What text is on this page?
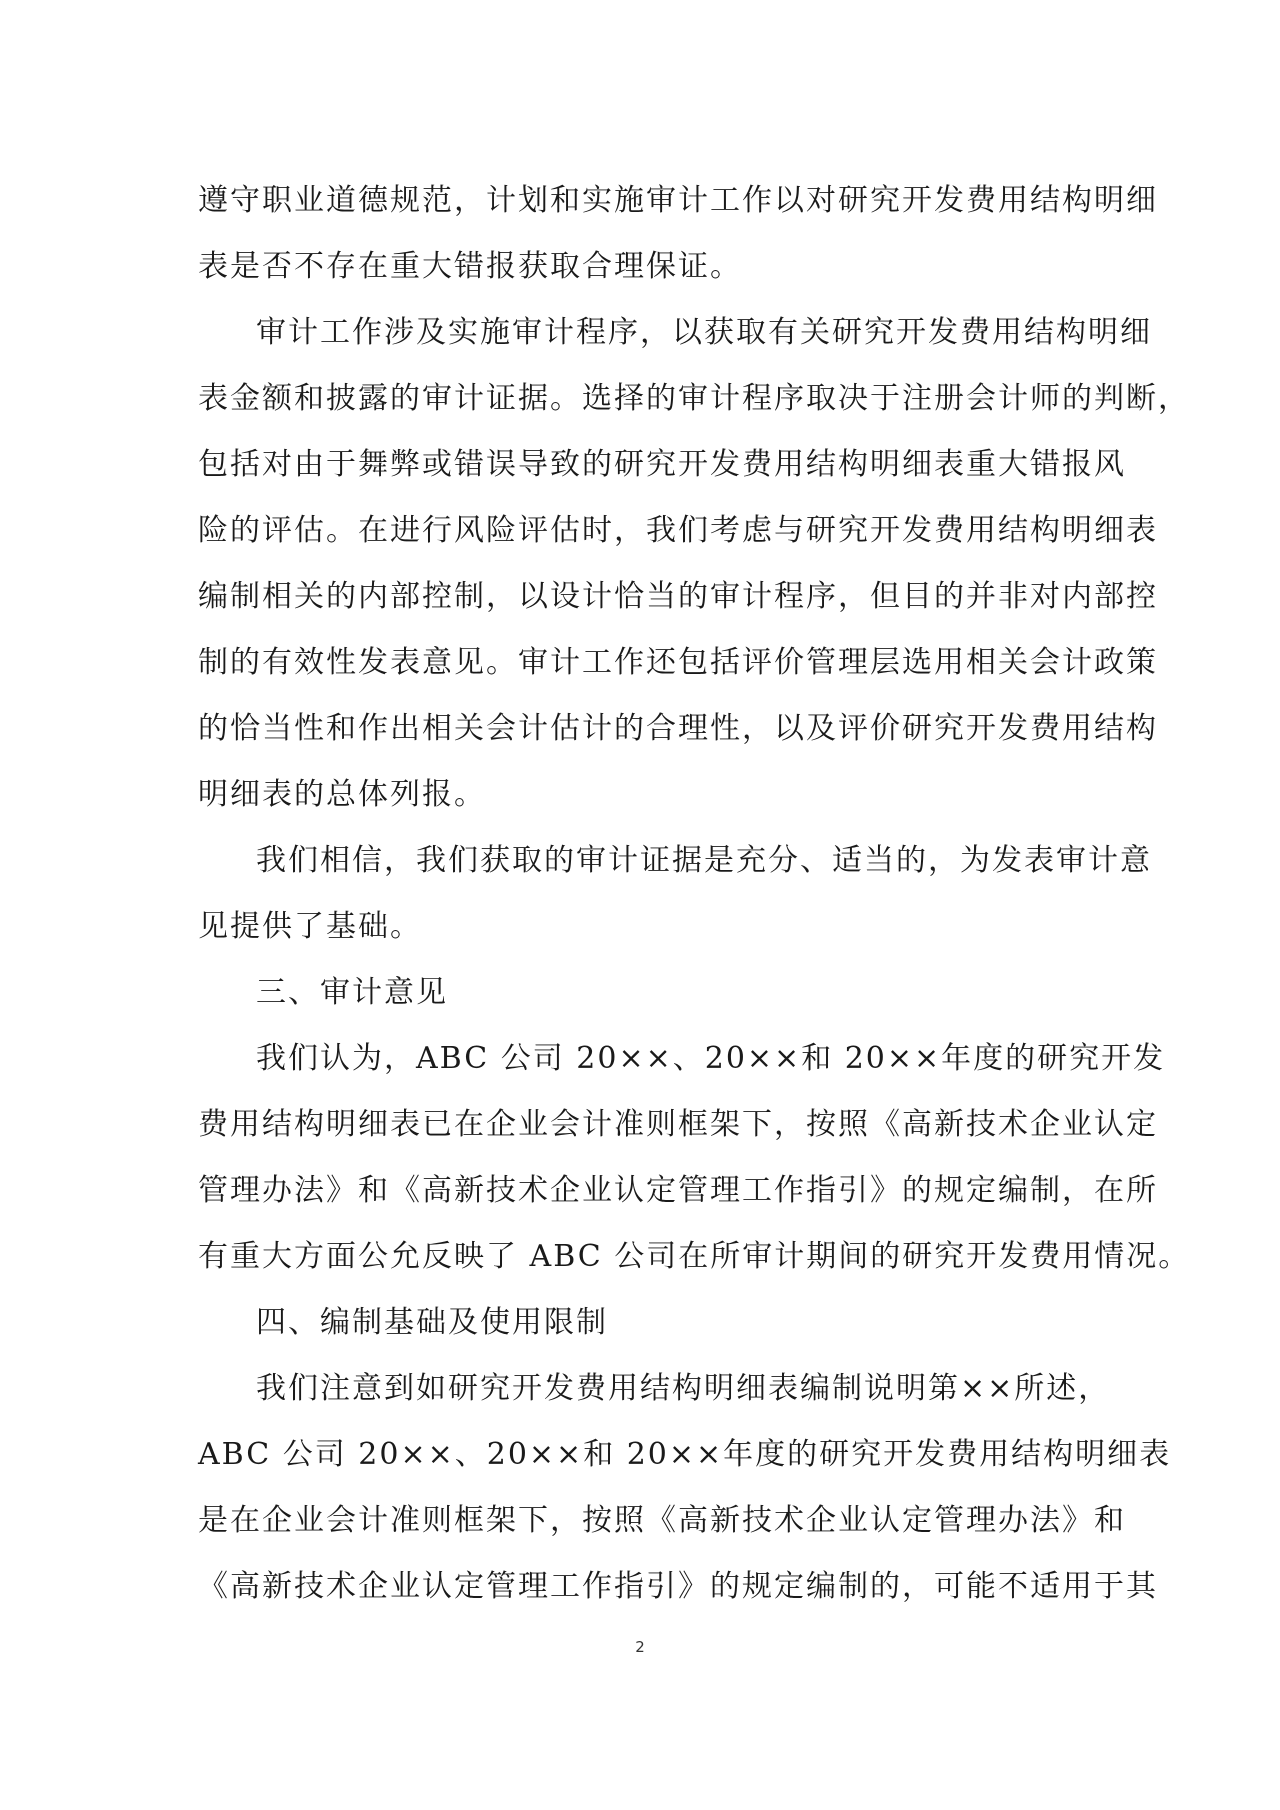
遵守职业道德规范，计划和实施审计工作以对研究开发费用结构明细
表是否不存在重大错报获取合理保证。
审计工作涉及实施审计程序，以获取有关研究开发费用结构明细
表金额和披露的审计证据。选择的审计程序取决于注册会计师的判断，
包括对由于舞弊或错误导致的研究开发费用结构明细表重大错报风
险的评估。在进行风险评估时，我们考虑与研究开发费用结构明细表
编制相关的内部控制，以设计恰当的审计程序，但目的并非对内部控
制的有效性发表意见。审计工作还包括评价管理层选用相关会计政策
的恰当性和作出相关会计估计的合理性，以及评价研究开发费用结构
明细表的总体列报。
我们相信，我们获取的审计证据是充分、适当的，为发表审计意
见提供了基础。
三、审计意见
我们认为，ABC 公司 20××、20××和 20××年度的研究开发
费用结构明细表已在企业会计准则框架下，按照《高新技术企业认定
管理办法》和《高新技术企业认定管理工作指引》的规定编制，在所
有重大方面公允反映了 ABC 公司在所审计期间的研究开发费用情况。
四、编制基础及使用限制
我们注意到如研究开发费用结构明细表编制说明第××所述，
ABC 公司 20××、20××和 20××年度的研究开发费用结构明细表
是在企业会计准则框架下，按照《高新技术企业认定管理办法》和
《高新技术企业认定管理工作指引》的规定编制的，可能不适用于其
2
